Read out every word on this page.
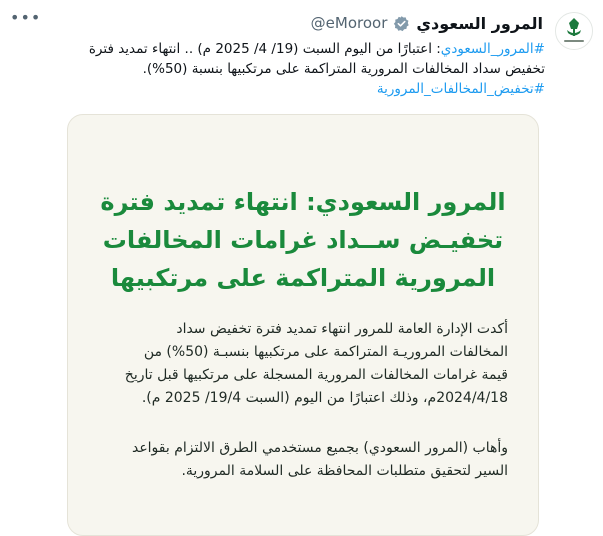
•••	المرور السعودي
@eMoroor
#المرور_السعودي: اعتبارًا من اليوم السبت (19/ 4/ 2025 م) .. انتهاء تمديد فترة
تخفيض سداد المخالفات المرورية المتراكمة على مرتكبيها بنسبة (50%).
#تخفيض_المخالفات_المرورية
المرور السعودي: انتهاء تمديد فترة
تخفيـض ســداد غرامات المخالفات
المرورية المتراكمة على مرتكبيها
أكدت الإدارة العامة للمرور انتهاء تمديد فترة تخفيض سداد
المخالفات المروريـة المتراكمة على مرتكبيها بنسبـة (50%) من
قيمة غرامات المخالفات المرورية المسجلة على مرتكبيها قبل تاريخ
2024/4/18م، وذلك اعتبارًا من اليوم (السبت 19/4/ 2025 م).
وأهاب (المرور السعودي) بجميع مستخدمي الطرق الالتزام بقواعد
السير لتحقيق متطلبات المحافظة على السلامة المرورية.
